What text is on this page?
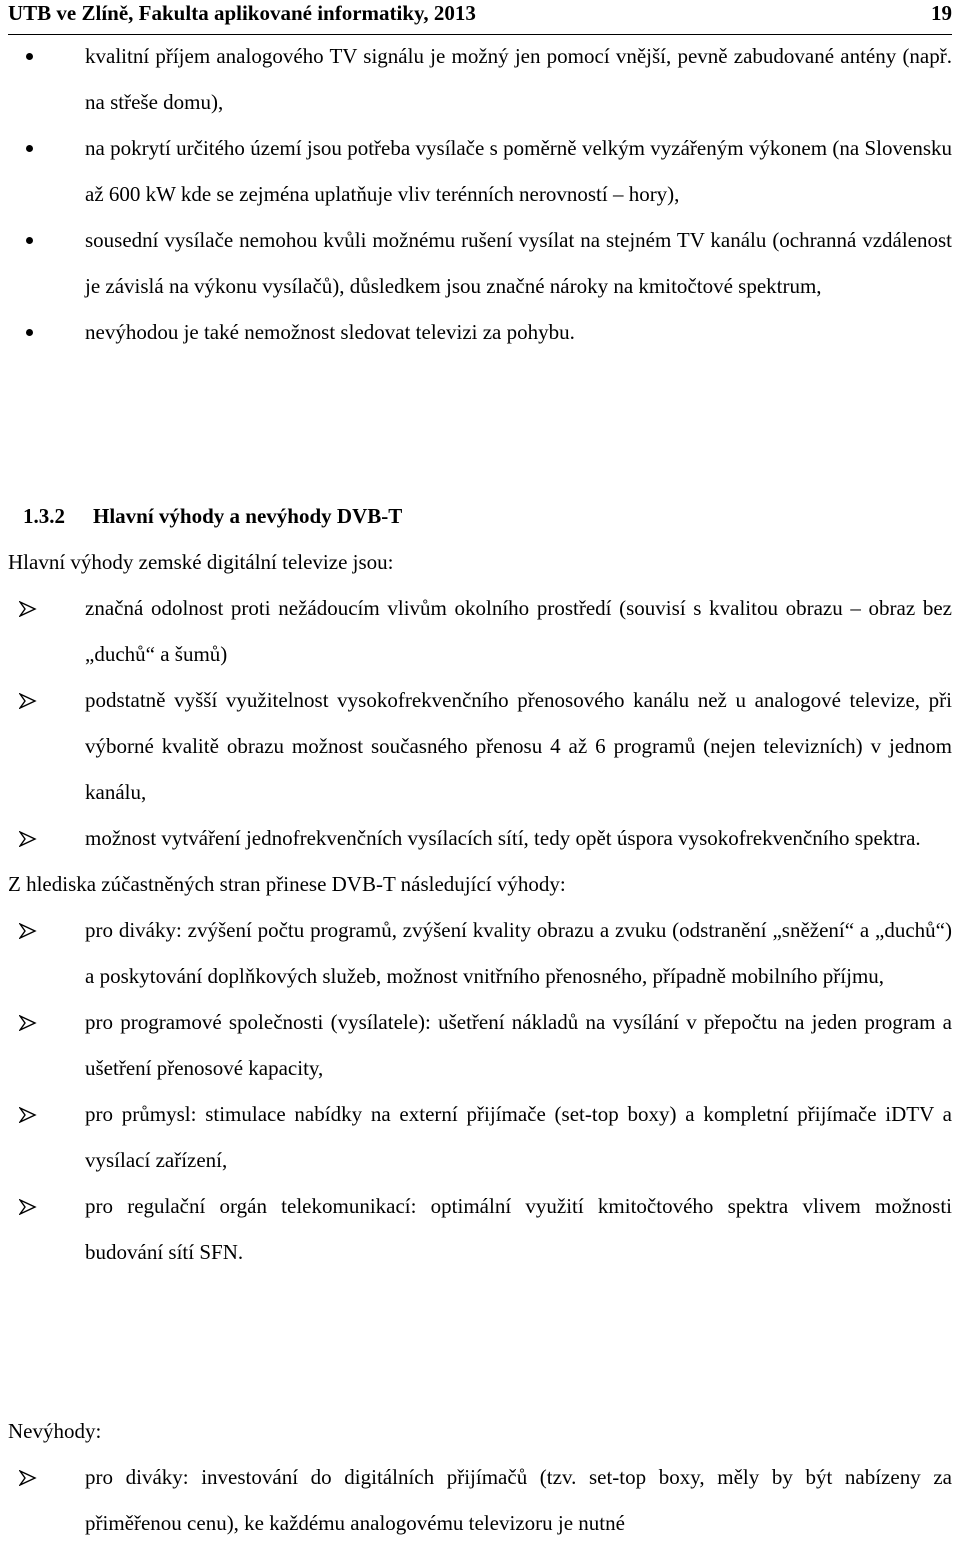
UTB ve Zlíně, Fakulta aplikované informatiky, 2013	19
kvalitní příjem analogového TV signálu je možný jen pomocí vnější, pevně zabudované antény (např. na střeše domu),
na pokrytí určitého území jsou potřeba vysílače s poměrně velkým vyzářeným výkonem (na Slovensku až 600 kW kde se zejména uplatňuje vliv terénních nerovností – hory),
sousední vysílače nemohou kvůli možnému rušení vysílat na stejném TV kanálu (ochranná vzdálenost je závislá na výkonu vysílačů), důsledkem jsou značné nároky na kmitočtové spektrum,
nevýhodou je také nemožnost sledovat televizi za pohybu.
1.3.2 Hlavní výhody a nevýhody DVB-T
Hlavní výhody zemské digitální televize jsou:
značná odolnost proti nežádoucím vlivům okolního prostředí (souvisí s kvalitou obrazu – obraz bez „duchů“ a šumů)
podstatně vyšší využitelnost vysokofrekvenčního přenosového kanálu než u analogové televize, při výborné kvalitě obrazu možnost současného přenosu 4 až 6 programů (nejen televizních) v jednom kanálu,
možnost vytváření jednofrekvenčních vysílacích sítí, tedy opět úspora vysokofrekvenčního spektra.
Z hlediska zúčastněných stran přinese DVB-T následující výhody:
pro diváky: zvýšení počtu programů, zvýšení kvality obrazu a zvuku (odstranění „sněžení“ a „duchů“) a poskytování doplňkových služeb, možnost vnitřního přenosného, případně mobilního příjmu,
pro programové společnosti (vysílatele): ušetření nákladů na vysílání v přepočtu na jeden program a ušetření přenosové kapacity,
pro průmysl: stimulace nabídky na externí přijímače (set-top boxy) a kompletní přijímače iDTV a vysílací zařízení,
pro regulační orgán telekomunikací: optimální využití kmitočtového spektra vlivem možnosti budování sítí SFN.
Nevýhody:
pro diváky: investování do digitálních přijímačů (tzv. set-top boxy, měly by být nabízeny za přiměřenou cenu), ke každému analogovému televizoru je nutné
